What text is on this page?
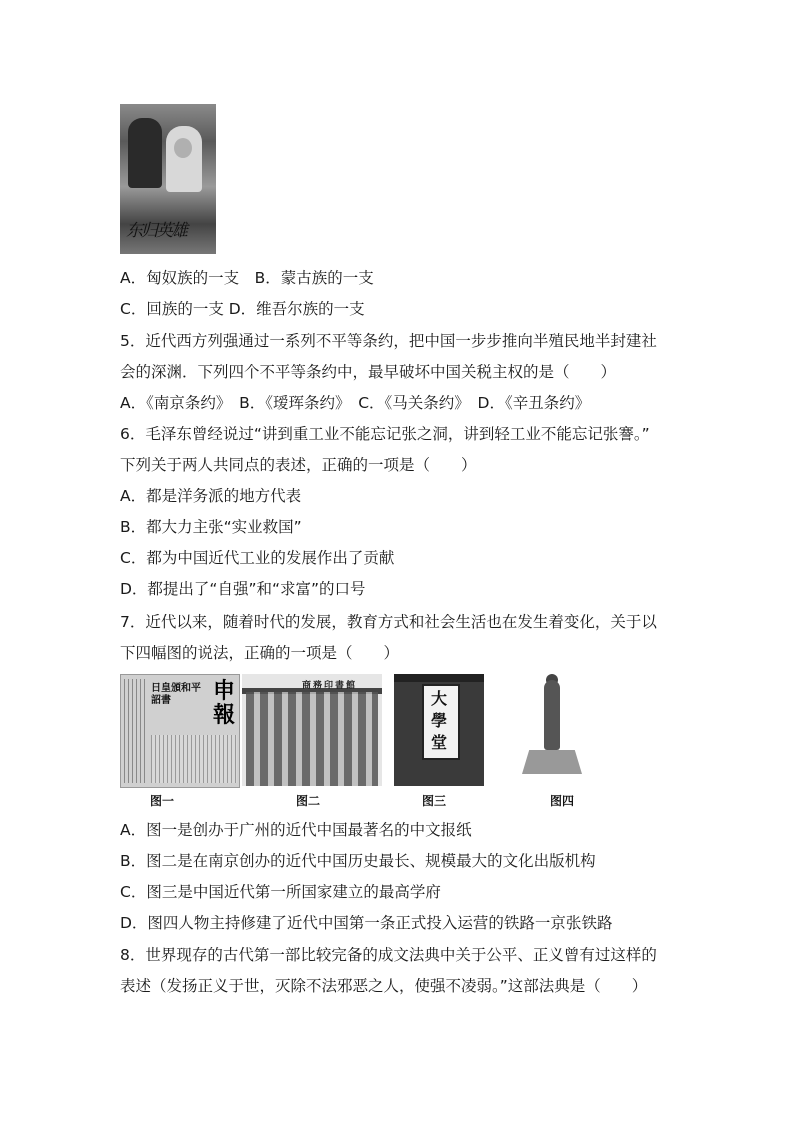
东归英雄
A．匈奴族的一支　B．蒙古族的一支
C．回族的一支 D．维吾尔族的一支
5．近代西方列强通过一系列不平等条约，把中国一步步推向半殖民地半封建社
会的深渊．下列四个不平等条约中，最早破坏中国关税主权的是（　　）
A．《南京条约》　B．《瑷珲条约》　C．《马关条约》　D．《辛丑条约》
6．毛泽东曾经说过“讲到重工业不能忘记张之洞，讲到轻工业不能忘记张謇。”
下列关于两人共同点的表述，正确的一项是（　　）
A．都是洋务派的地方代表
B．都大力主张“实业救国”
C．都为中国近代工业的发展作出了贡献
D．都提出了“自强”和“求富”的口号
7．近代以来，随着时代的发展，教育方式和社会生活也在发生着变化，关于以
下四幅图的说法，正确的一项是（　　）
日皇頒和平詔書	申報
图一
商務印書館
图二
大學堂
图三	图四
A．图一是创办于广州的近代中国最著名的中文报纸
B．图二是在南京创办的近代中国历史最长、规模最大的文化出版机构
C．图三是中国近代第一所国家建立的最高学府
D．图四人物主持修建了近代中国第一条正式投入运营的铁路一京张铁路
8．世界现存的古代第一部比较完备的成文法典中关于公平、正义曾有过这样的
表述（发扬正义于世，灭除不法邪恶之人，使强不凌弱。”这部法典是（　　）
